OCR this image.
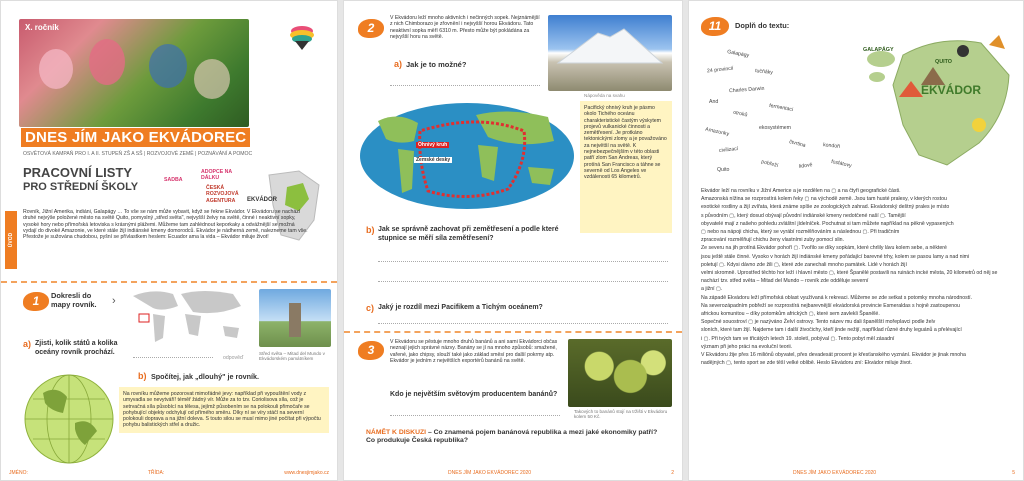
X. ročník
DNES JÍM JAKO EKVÁDOREC
OSVĚTOVÁ KAMPAŇ PRO I. A II. STUPEŇ ZŠ A SŠ | ROZVOJOVÉ ZEMĚ | POZNÁVÁNÍ A POMOC
PRACOVNÍ LISTY
PRO STŘEDNÍ ŠKOLY
SADBA
ADOPCE NA DÁLKU
ČESKÁ ROZVOJOVÁ AGENTURA	EKVÁDOR
ÚVOD
Rovník, Jižní Amerika, indiáni, Galapágy … To vše se nám může vybavit, když se řekne Ekvádor. V Ekvádoru se nachází druhé nejvýše položené město na světě Quito, pomyslný „střed světa", nejvyšší želvy na světě, činné i neaktivní sopky, vysoké hory nebo přímořská letoviska s krásnými plážemi. Můžeme tam zahlédnout keporkaky a odvážnější se možná vydají do divoké Amazonie, ve které stále žijí indiánské kmeny domorodců. Ekvádor je nádherná země, nalezneme tam vše. Přestože je sužována chudobou, pyšní se přívlastkem heslem: Ecuador ama la vida – Ekvádor miluje život!
1	Dokresli do mapy rovník.	›
Střed světa – Mitad del Mundo v Ekvádorském památníkem
a) Zjisti, kolik států a kolika oceány rovník prochází.
odpověď
b) Spočítej, jak „dlouhý" je rovník.
Na rovníku můžeme pozorovat mimořádné jevy: například při vypouštění vody z umyvadla se nevytváří! téměř žádný vír. Může za to tzv. Coriolisova síla, což je setrvačná síla působící na tělesa, jejímž působením se na polokouli přimočaře se pohybující objekty odchylují od přímého směru. Díky ní se víry stáčí na severní polokouli doprava a na jižní doleva. S touto silou se musí mimo jiné počítat při výpočtu pohybu balistických střel a družic.
JMÉNO:	TŘÍDA:	www.dnesjimjako.cz
2
V Ekvádoru leží mnoho aktivních i nečinných sopek. Nejznámější z nich Chimborazo je zřovnění i nejvyšší horou Ekvádoru. Tato neaktivní sopka měří 6310 m. Přesto může být pokládána za nejvyšší horu na světě.
Nápověda na svahu
a) Jak je to možné?
Ohnivý kruh
Zemské desky
Pacifický ohnivý kruh je pásmo okolo Tichého oceánu charakteristické častým výskytem projevů vulkanické činnosti a zemětřesení. Je protkáno tektonickými zlomy a je považováno za největší na světě. K nejnebezpečnějším v této oblasti patří zlom San Andreas, který protíná San Francisco a táhne se severně od Los Angeles ve vzdálenosti 65 kilometrů.
b) Jak se správně zachovat při zemětřesení a podle které stupnice se měří síla zemětřesení?
c) Jaký je rozdíl mezi Pacifikem a Tichým oceánem?
3
V Ekvádoru se pěstuje mnoho druhů banánů a ani sami Ekvádorci občas neznají jejich správné názvy. Banány se jí na mnoho způsobů: smažené, vařené, jako chipsy, slouží také jako základ směsí pro další pokrmy atp. Ekvádor je jedním z největších exportérů banánů na světě.
Takových to banánů stojí na tržišti v Ekvádoru kolem 50 Kč.
Kdo je největším světovým producentem banánů?
NÁMĚT K DISKUZI – Co znamená pojem banánová republika a mezi jaké ekonomiky patří? Co produkuje Česká republika?
DNES JÍM JAKO EKVÁDOREC 2020	2
11	Doplň do textu:
Galapágy
24 provincií	tučňáky
Charles Darwin
And
otroků
fermentaci
ekosystémem
Amazonky
čtvrtina	kondoři
civilizací
Quito
pobřeží	lidové	fosfátovy
GALAPÁGY
QUITO
EKVÁDOR
Ekvádor leží na rovníku v Jižní Americe a je rozdělen na ▢ a na čtyři geografické části.
Amazonská nížina se rozprostírá kolem řeky ▢ na východě země. Jsou tam husté pralesy, v kterých rostou
exotické rostliny a žijí zvířata, která známe spíše ze zoologických zahrad. Ekvádorský deštný prales je místo
s původním ▢, který dosud obývají původní indiánské kmeny nedotčené naší ▢. Tamější
obyvatelé mají z našeho pohledu zvláštní jídelníček. Pochutnat si tam můžete například na pěkně vypasených
▢ nebo na nápoji chicha, který se vyrábí rozmělňováním a následnou ▢. Při tradičním
zpracování rozmělňují chichu ženy vlastními zuby pomocí slin.
Ze severu na jih protíná Ekvádor pohoří ▢. Tvořilo se díky sopkám, které chrlily lávu kolem sebe, a některé
jsou ještě stále činné. Vysoko v horách žijí indiánské kmeny pořádající barevné trhy, kolem se pasou lamy a nad nimi
poletují ▢. Kdysi dávno zde žili ▢, které zde zanechali mnoho památek. Lidé v horách žijí
velmi skromně. Uprostřed těchto hor leží i hlavní město ▢, které Španělé postavili na ruinách incké města, 20 kilometrů od něj se nachází tzv. střed světa – Mitad del Mundo – rovník zde odděluje severní
a jižní ▢.
Na západě Ekvádoru leží přímořská oblast využívaná k rekreaci. Můžeme se zde setkat s potomky mnoha národností.
Na severozápadním pobřeží se rozprostírá nejbarevnější ekvádorská provincie Esmeraldas s hojně zastoupenou
africkou komunitou – díky potomkům afrických ▢, které sem zavlekli Španělé.
Sopečné souostroví ▢ je nazýváno Želví ostrovy. Tento název mu dali španělští mořeplavci podle želv
sloních, které tam žijí. Najdeme tam i další živočichy, kteří jinde nežijí, například různé druhy leguánů a přelévající
i ▢. Při tvých tam ve třicátých letech 19. století, pobýval ▢. Tento pobyt měl zásadní
význam při jeho práci na evoluční teorii.
V Ekvádoru žije přes 16 miliónů obyvatel, přes devadesát procent je křesťanského vyznání. Ekvádor je jinak mnoha
nadějných ▢, tento sport se zde těší velké oblibě. Heslo Ekvádoru zní: Ekvádor miluje život.
DNES JÍM JAKO EKVÁDOREC 2020	5
